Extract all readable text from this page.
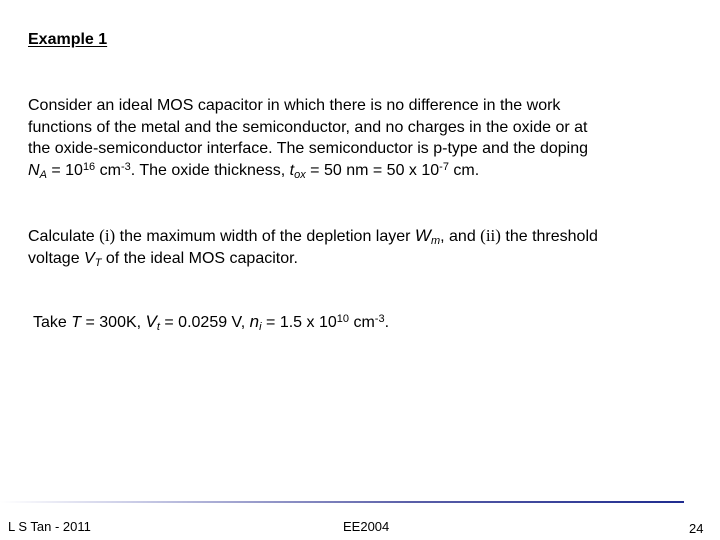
Example 1
Consider an ideal MOS capacitor in which there is no difference in the work
functions of the metal and the semiconductor, and no charges in the oxide or at
the oxide-semiconductor interface. The semiconductor is p-type and the doping
$N_A = 10^{16}$ $cm^{-3}$. The oxide thickness, $t_{ox} = 50$ nm = 50 x $10^{-7}$ cm.
Calculate (i) the maximum width of the depletion layer $W_m$, and (ii) the threshold
voltage $V_T$ of the ideal MOS capacitor.
Take T = 300K, $V_t = 0.0259$ V, $n_i = 1.5$ x $10^{10}$ $cm^{-3}$.
L S Tan - 2011	EE2004	24
